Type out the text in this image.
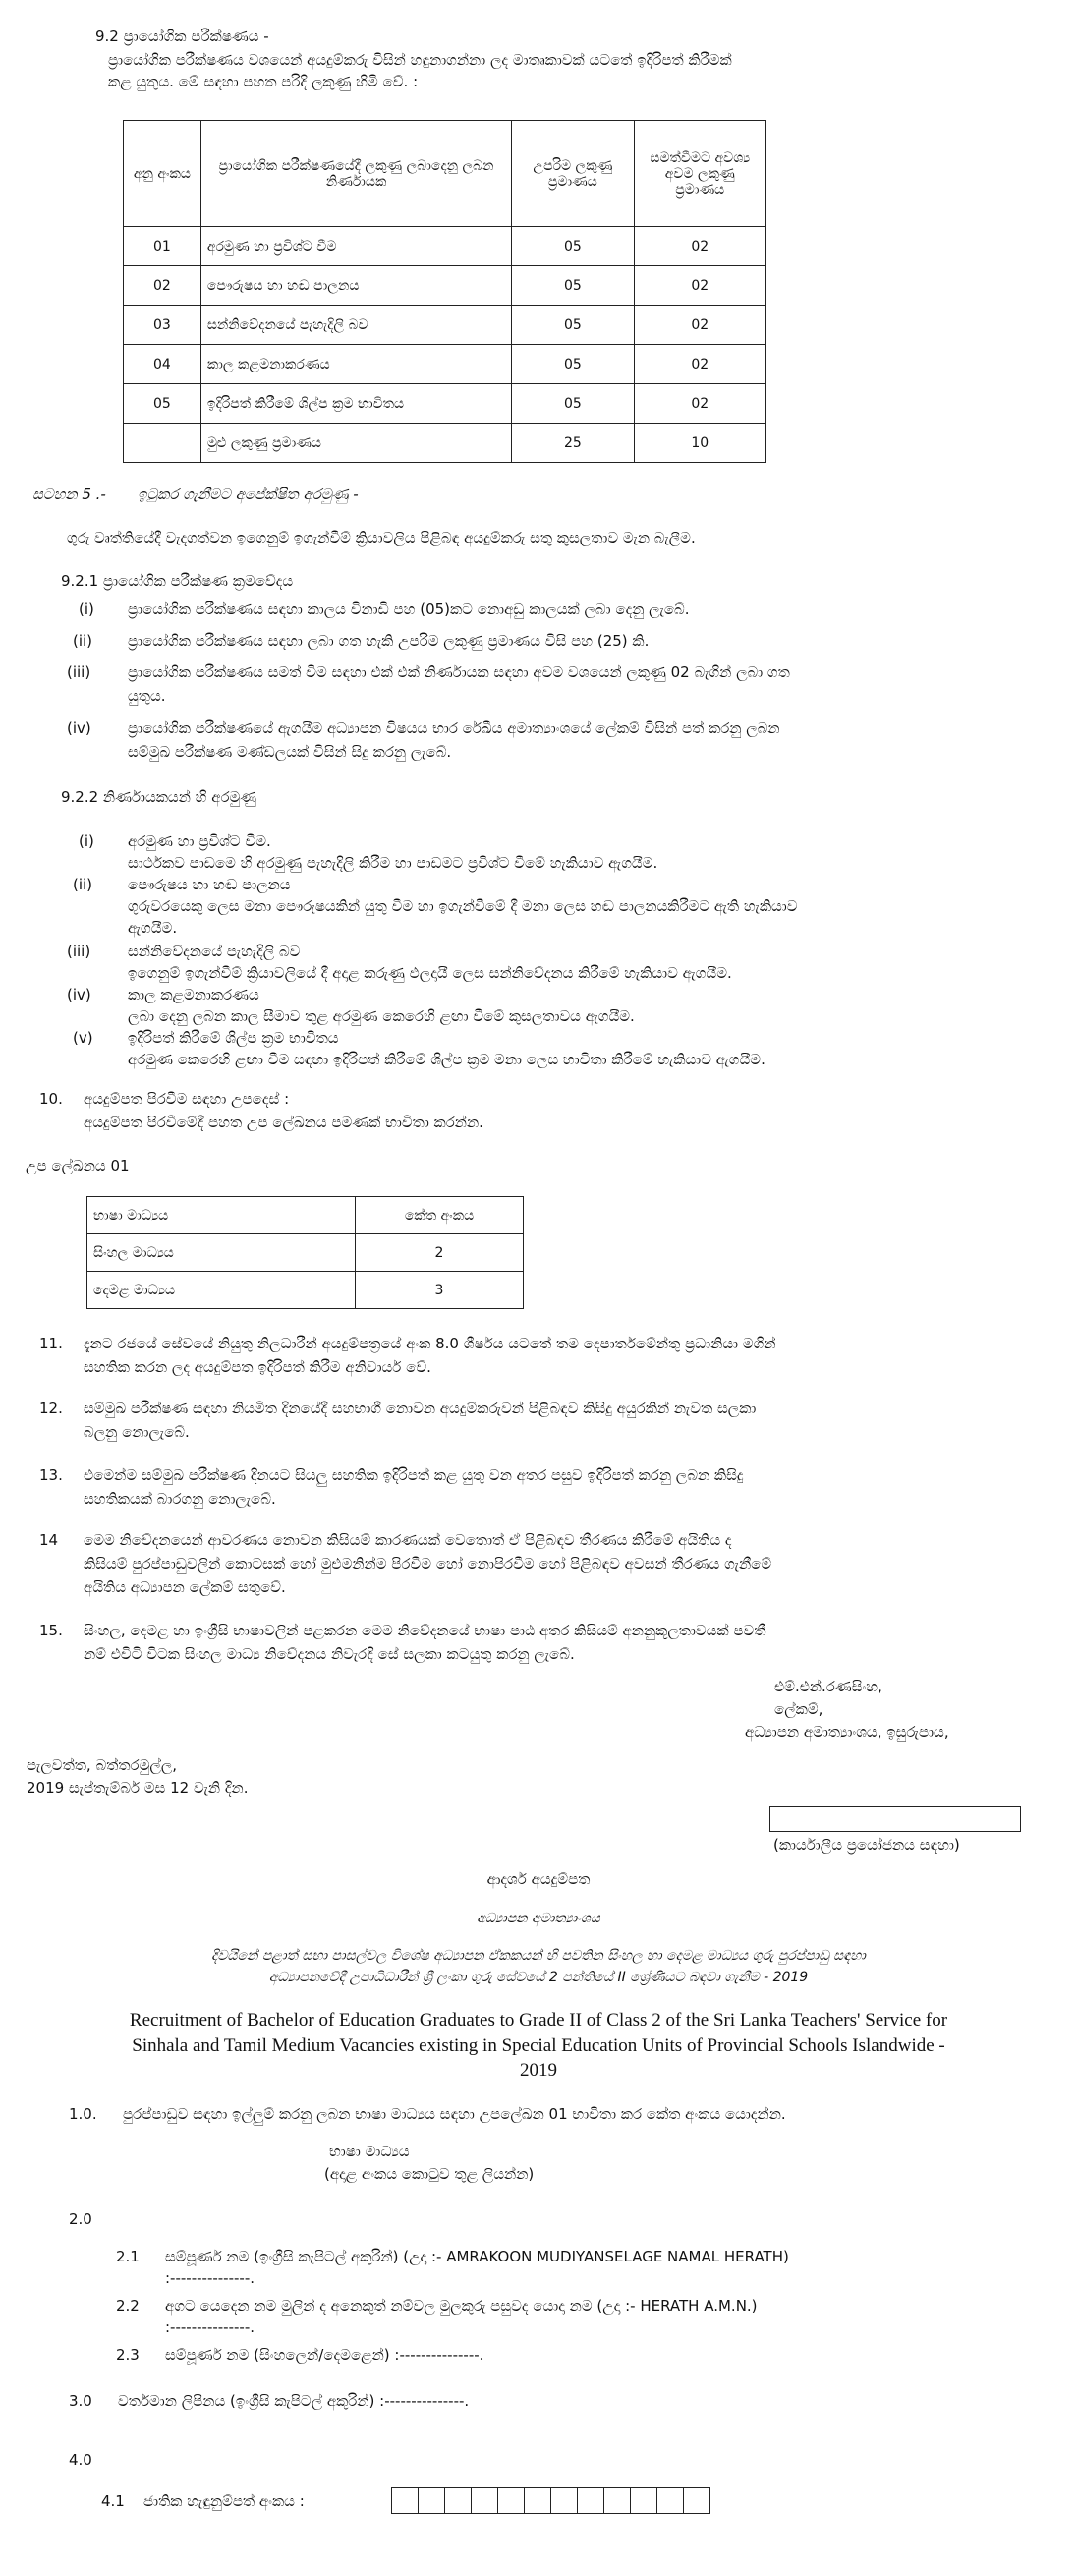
9.2 ප්‍රායෝගික පරීක්ෂණය -
ප්‍රායෝගික පරීක්ෂණය වශයෙන් අයදුම්කරු විසින් හඳුනාගන්නා ලද මාතෘකාවක් යටතේ ඉදිරිපත් කිරීමක්
කළ යුතුය. මේ සඳහා පහත පරිදි ලකුණු හිමි වේ. :
අනු අංකය	ප්‍රායෝගික පරීක්ෂණයේදී ලකුණු ලබාදෙනු ලබන නිර්ණායක	උපරිම ලකුණු ප්‍රමාණය	සමත්වීමට අවශ්‍ය අවම ලකුණු ප්‍රමාණය
01	අරමුණ හා ප්‍රවිශ්ට වීම	05	02
02	පෞරුෂය හා හඬ පාලනය	05	02
03	සන්නිවේදනයේ පැහැදිලි බව	05	02
04	කාල කළමනාකරණය	05	02
05	ඉදිරිපත් කිරීමේ ශිල්ප ක්‍රම භාවිතය	05	02
	මුළු ලකුණු ප්‍රමාණය	25	10
සටහන 5 .- ඉටුකර ගැනීමට අපේක්ෂිත අරමුණු -
ගුරු වෘත්තියේදී වැදගත්වන ඉගෙනුම් ඉගැන්වීම් ක්‍රියාවලිය පිළිබඳ අයදුම්කරු සතු කුසලතාව මැන බැලීම.
9.2.1 ප්‍රායෝගික පරීක්ෂණ ක්‍රමවේදය
(i) ප්‍රායෝගික පරීක්ෂණය සඳහා කාලය විනාඩි පහ (05)කට නොඅඩු කාලයක් ලබා දෙනු ලැබේ.
(ii) ප්‍රායෝගික පරීක්ෂණය සඳහා ලබා ගත හැකි උපරිම ලකුණු ප්‍රමාණය විසි පහ (25) කි.
(iii)	ප්‍රායෝගික පරීක්ෂණය සමත් වීම සඳහා එක් එක් නිර්ණායක සඳහා අවම වශයෙන් ලකුණු 02 බැගින් ලබා ගත
යුතුය.
(iv) ප්‍රායෝගික පරීක්ෂණයේ ඇගයීම අධ්‍යාපන විෂයය භාර රේඛීය අමාත්‍යාංශයේ ලේකම් විසින් පත් කරනු ලබන
සම්මුඛ පරීක්ෂණ මණ්ඩලයක් විසින් සිදු කරනු ලැබේ.
9.2.2 නිර්ණායකයන් හි අරමුණු
(i) අරමුණ හා ප්‍රවිශ්ට වීම.
සාර්ථකව පාඩමෙ හි අරමුණු පැහැදිලි කිරීම හා පාඩමට ප්‍රවිශ්ට වීමේ හැකියාව ඇගයීම.
(ii) පෞරුෂය හා හඬ පාලනය
ගුරුවරයෙකු ලෙස මනා පෞරුෂයකින් යුතු වීම හා ඉගැන්වීමේ දී මනා ලෙස හඬ පාලනයකිරීමට ඇති හැකියාව
ඇගයීම.
(iii)	සන්නිවේදනයේ පැහැදිලි බව
ඉගෙනුම් ඉගැන්වීම් ක්‍රියාවලියේ දී අදාළ කරුණු ඵලදායී ලෙස සන්නිවේදනය කිරීමේ හැකියාව ඇගයීම.
(iv) කාල කළමනාකරණය
ලබා දෙනු ලබන කාල සීමාව තුළ අරමුණ කෙරෙහි ළඟා වීමේ කුසලතාවය ඇගයීම.
(v) ඉදිරිපත් කිරීමේ ශිල්ප ක්‍රම භාවිතය
අරමුණ කෙරෙහි ළඟා වීම සඳහා ඉදිරිපත් කිරීමේ ශිල්ප ක්‍රම මනා ලෙස භාවිතා කිරීමේ හැකියාව ඇගයීම.
10. අයදුම්පත පිරවීම සඳහා උපදෙස් :
අයදුම්පත පිරවීමේදී පහත උප ලේඛනය පමණක් භාවිතා කරන්න.
උප ලේඛනය 01
භාෂා මාධ්‍යය	කේත අංකය
සිංහල මාධ්‍යය	2
දෙමළ මාධ්‍යය	3
11. දැනට රජයේ සේවයේ නියුතු නිලධාරීන් අයදුම්පත්‍රයේ අංක 8.0 ශීර්ෂය යටතේ තම දෙපාර්තමේන්තු ප්‍රධානියා මගින්
සහතික කරන ලද අයදුම්පත ඉදිරිපත් කිරීම අනිවාර්ය වේ.
12. සම්මුඛ පරීක්ෂණ සඳහා නියමිත දිනයේදී සහභාගී නොවන අයදුම්කරුවන් පිළිබඳව කිසිදු අයුරකින් නැවත සලකා
බලනු නොලැබේ.
13. එමෙන්ම සම්මුඛ පරීක්ෂණ දිනයට සියලු සහතික ඉදිරිපත් කළ යුතු වන අතර පසුව ඉදිරිපත් කරනු ලබන කිසිදු
සහතිකයක් බාරගනු නොලැබේ.
14 මෙම නිවේදනයෙන් ආවරණය නොවන කිසියම් කාරණයක් වෙතොත් ඒ පිළිබඳව තීරණය කිරීමේ අයිතිය ද
කිසියම් පුරප්පාඩුවලින් කොටසක් හෝ මුළුමනින්ම පිරවීම හෝ නොපිරවීම හෝ පිළිබඳව අවසන් තීරණය ගැනීමේ
අයිතිය අධ්‍යාපන ලේකම් සතුවේ.
15. සිංහල, දෙමළ හා ඉංග්‍රීසි භාෂාවලින් පළකරන මෙම නිවේදනයේ භාෂා පාඨ අතර කිසියම් අනනුකූලතාවයක් පවතී
නම් එවිටි විටක සිංහල මාධ්‍ය නිවේදනය නිවැරදි සේ සලකා කටයුතු කරනු ලැබේ.
එම්.එන්.රණසිංහ,
ලේකම්,
අධ්‍යාපන අමාත්‍යාංශය, ඉසුරුපාය,
පැලවත්ත, බත්තරමුල්ල,
2019 සැප්තැම්බර් මස 12 වැනි දින.
(කාර්යාලීය ප්‍රයෝජනය සඳහා)
ආදර්ශ අයදුම්පත
අධ්‍යාපන අමාත්‍යාංශය
දිවයිනේ පළාත් සභා පාසල්වල විශේෂ අධ්‍යාපන ඒකකයන් හි පවතින සිංහල හා දෙමළ මාධ්‍යය ගුරු පුරප්පාඩු සඳහා
අධ්‍යාපනවේදී උපාධිධාරීන් ශ්‍රී ලංකා ගුරු සේවයේ 2 පන්තියේ II ශ්‍රේණියට බඳවා ගැනීම - 2019
Recruitment of Bachelor of Education Graduates to Grade II of Class 2 of the Sri Lanka Teachers' Service for
Sinhala and Tamil Medium Vacancies existing in Special Education Units of Provincial Schools Islandwide -
2019
1.0. පුරප්පාඩුව සඳහා ඉල්ලුම් කරනු ලබන භාෂා මාධ්‍යය සඳහා උපලේඛන 01 භාවිතා කර කේත අංකය යොදන්න.
භාෂා මාධ්‍යය
(අදාළ අංකය කොටුව තුළ ලියන්න)
2.0
2.1 සම්පූර්ණ නම (ඉංග්‍රීසි කැපිටල් අකුරින්) (උදා :- AMRAKOON MUDIYANSELAGE NAMAL HERATH)
:---------------.
2.2 අගට යෙදෙන නම මුලින් ද අනෙකුත් නම්වල මුලකුරු පසුවද යොදා නම (උදා :- HERATH A.M.N.)
:---------------.
2.3 සම්පූර්ණ නම (සිංහලෙන්/දෙමළෙන්) :---------------.
3.0 වර්තමාන ලිපිනය (ඉංග්‍රීසි කැපිටල් අකුරින්) :---------------.
4.0
4.1 ජාතික හැඳුනුම්පත් අංකය :
